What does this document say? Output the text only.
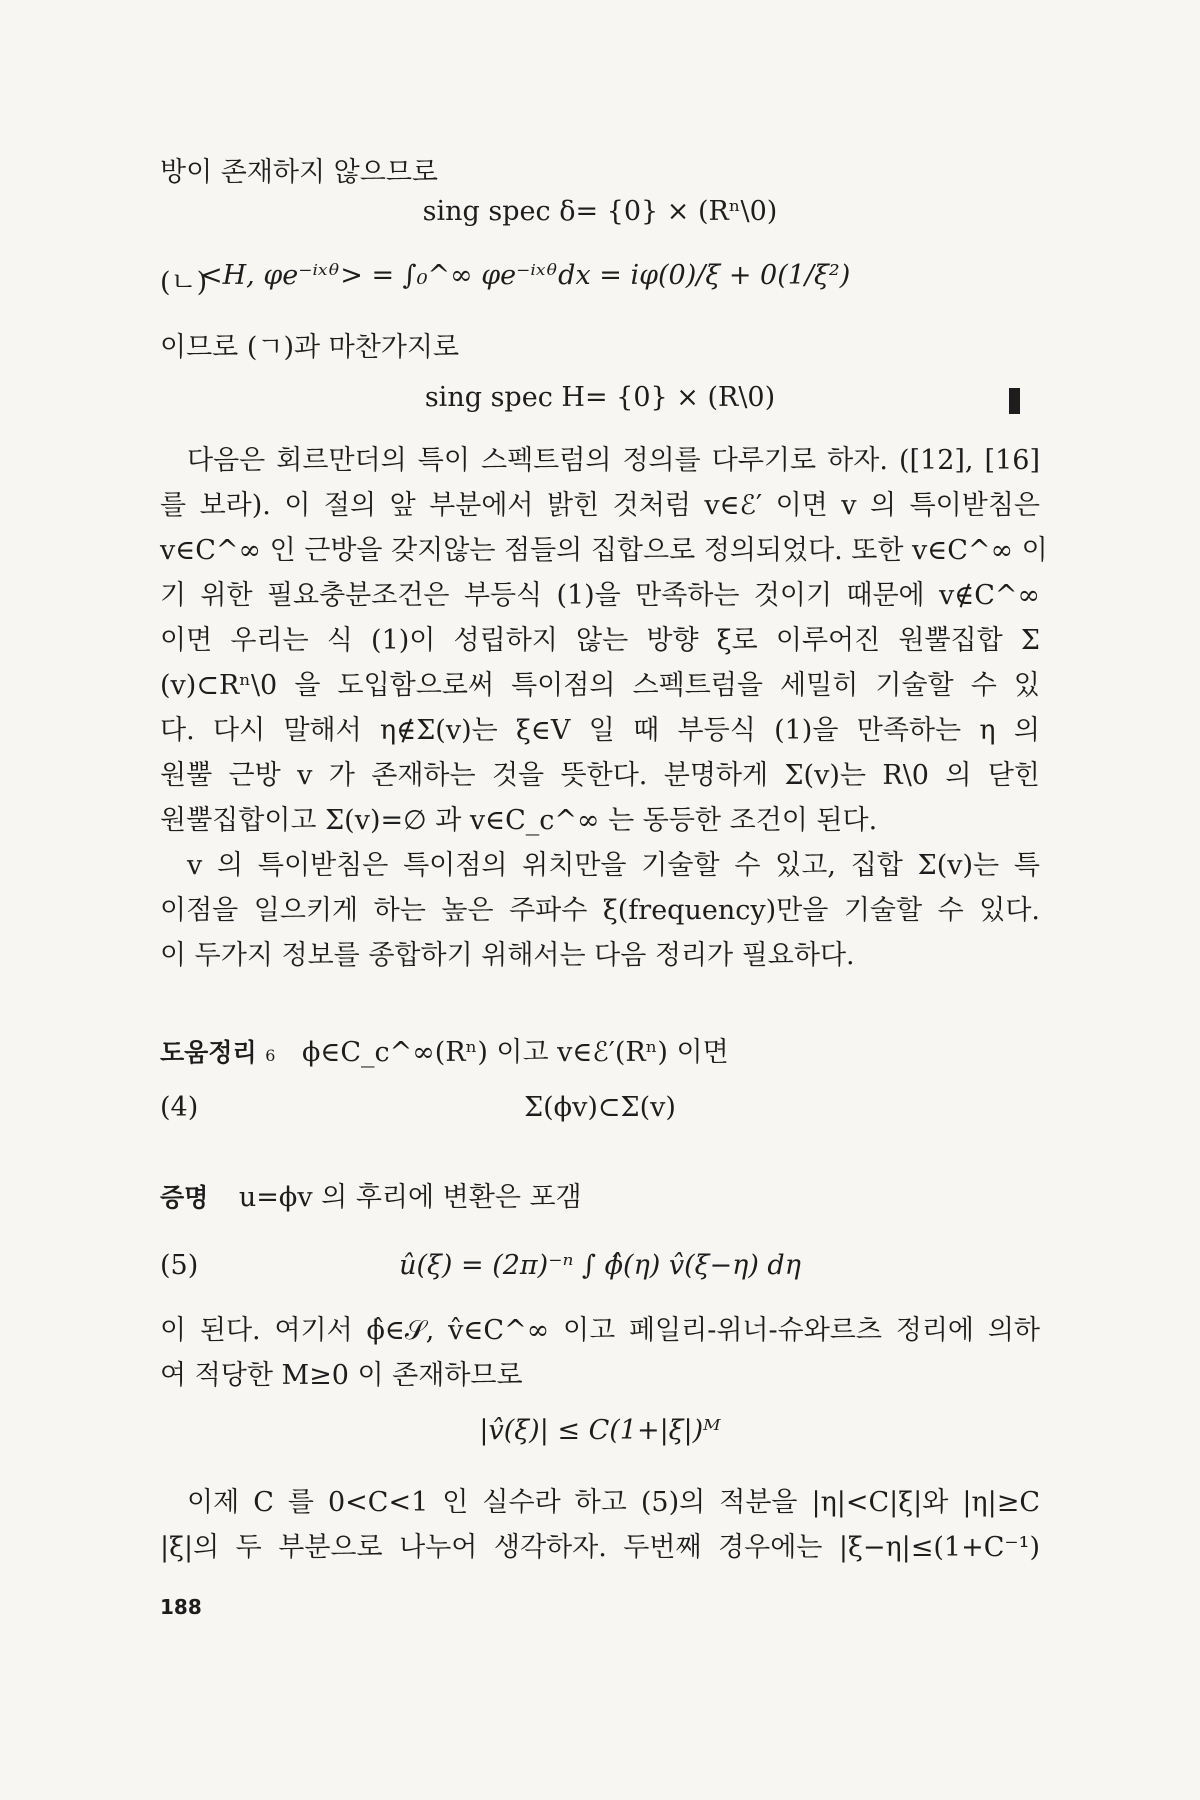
방이 존재하지 않으므로
sing spec δ= {0} × (Rⁿ\0)
(ㄴ)
<H, φe⁻ⁱˣᶿ> = ∫₀^∞ φe⁻ⁱˣᶿdx = iφ(0)/ξ + 0(1/ξ²)
이므로 (ㄱ)과 마찬가지로
sing spec H= {0} × (R\0)
다음은 회르만더의 특이 스펙트럼의 정의를 다루기로 하자. ([12], [16]
를 보라). 이 절의 앞 부분에서 밝힌 것처럼 v∈ℰ′ 이면 v 의 특이받침은
v∈C^∞ 인 근방을 갖지않는 점들의 집합으로 정의되었다. 또한 v∈C^∞ 이
기 위한 필요충분조건은 부등식 (1)을 만족하는 것이기 때문에 v∉C^∞
이면 우리는 식 (1)이 성립하지 않는 방향 ξ로 이루어진 원뿔집합 Σ
(v)⊂Rⁿ\0 을 도입함으로써 특이점의 스펙트럼을 세밀히 기술할 수 있
다. 다시 말해서 η∉Σ(v)는 ξ∈V 일 때 부등식 (1)을 만족하는 η 의
원뿔 근방 v 가 존재하는 것을 뜻한다. 분명하게 Σ(v)는 R\0 의 닫힌
원뿔집합이고 Σ(v)=∅ 과 v∈C_c^∞ 는 동등한 조건이 된다.
v 의 특이받침은 특이점의 위치만을 기술할 수 있고, 집합 Σ(v)는 특
이점을 일으키게 하는 높은 주파수 ξ(frequency)만을 기술할 수 있다.
이 두가지 정보를 종합하기 위해서는 다음 정리가 필요하다.
도움정리 6 ϕ∈C_c^∞(Rⁿ) 이고 v∈ℰ′(Rⁿ) 이면
(4)	Σ(ϕv)⊂Σ(v)
증명 u=ϕv 의 후리에 변환은 포갬
(5)	û(ξ) = (2π)⁻ⁿ ∫ ϕ̂(η) v̂(ξ−η) dη
이 된다. 여기서 ϕ̂∈𝒮, v̂∈C^∞ 이고 페일리-위너-슈와르츠 정리에 의하
여 적당한 M≥0 이 존재하므로
|v̂(ξ)| ≤ C(1+|ξ|)ᴹ
이제 C 를 0<C<1 인 실수라 하고 (5)의 적분을 |η|<C|ξ|와 |η|≥C
|ξ|의 두 부분으로 나누어 생각하자. 두번째 경우에는 |ξ−η|≤(1+C⁻¹)
188
